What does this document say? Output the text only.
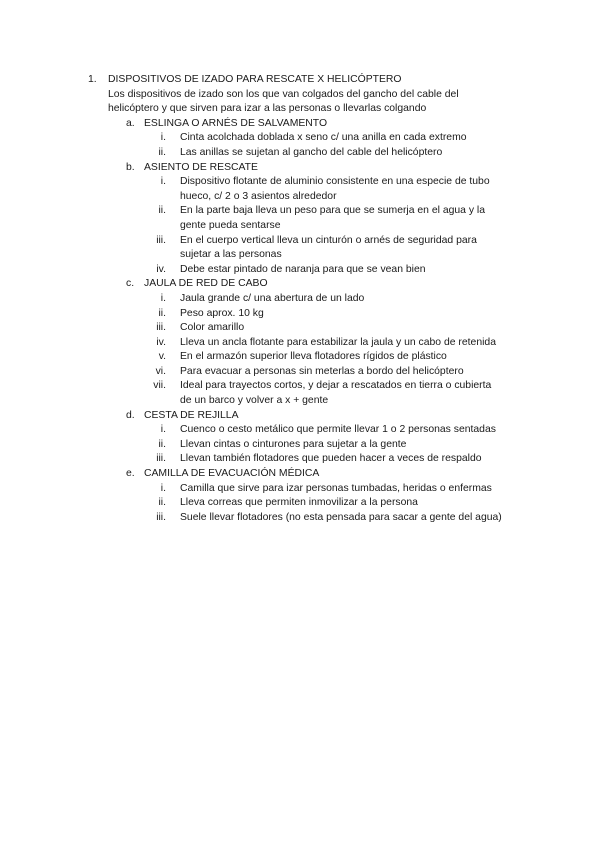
1. DISPOSITIVOS DE IZADO PARA RESCATE X HELICÓPTERO
Los dispositivos de izado son los que van colgados del gancho del cable del
helicóptero y que sirven para izar a las personas o llevarlas colgando
a. ESLINGA O ARNÉS DE SALVAMENTO
i. Cinta acolchada doblada x seno c/ una anilla en cada extremo
ii. Las anillas se sujetan al gancho del cable del helicóptero
b. ASIENTO DE RESCATE
i. Dispositivo flotante de aluminio consistente en una especie de tubo
hueco, c/ 2 o 3 asientos alrededor
ii. En la parte baja lleva un peso para que se sumerja en el agua y la
gente pueda sentarse
iii. En el cuerpo vertical lleva un cinturón o arnés de seguridad para
sujetar a las personas
iv. Debe estar pintado de naranja para que se vean bien
c. JAULA DE RED DE CABO
i. Jaula grande c/ una abertura de un lado
ii. Peso aprox. 10 kg
iii. Color amarillo
iv. Lleva un ancla flotante para estabilizar la jaula y un cabo de retenida
v. En el armazón superior lleva flotadores rígidos de plástico
vi. Para evacuar a personas sin meterlas a bordo del helicóptero
vii. Ideal para trayectos cortos, y dejar a rescatados en tierra o cubierta
de un barco y volver a x + gente
d. CESTA DE REJILLA
i. Cuenco o cesto metálico que permite llevar 1 o 2 personas sentadas
ii. Llevan cintas o cinturones para sujetar a la gente
iii. Llevan también flotadores que pueden hacer a veces de respaldo
e. CAMILLA DE EVACUACIÓN MÉDICA
i. Camilla que sirve para izar personas tumbadas, heridas o enfermas
ii. Lleva correas que permiten inmovilizar a la persona
iii. Suele llevar flotadores (no esta pensada para sacar a gente del agua)
